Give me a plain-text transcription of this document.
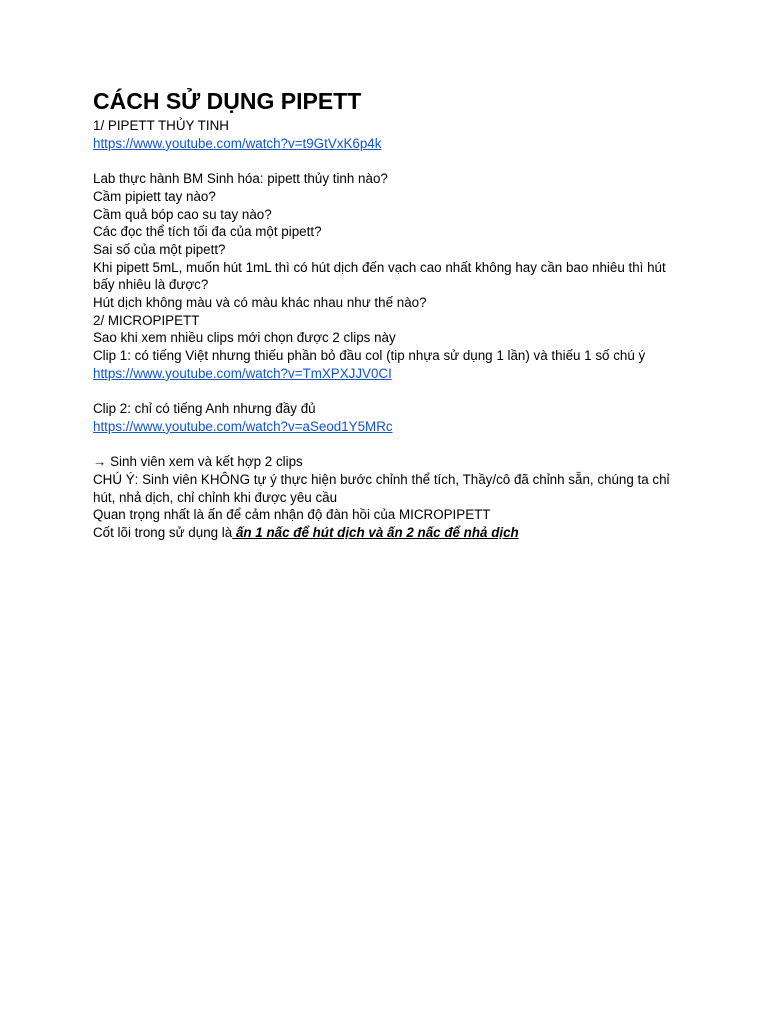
CÁCH SỬ DỤNG PIPETT
1/ PIPETT THỦY TINH
https://www.youtube.com/watch?v=t9GtVxK6p4k
Lab thực hành BM Sinh hóa: pipett thủy tinh nào?
Cầm pipiett tay nào?
Cầm quả bóp cao su tay nào?
Các đọc thể tích tối đa của một pipett?
Sai số của một pipett?
Khi pipett 5mL, muốn hút 1mL thì có hút dịch đến vạch cao nhất không hay cần bao nhiêu thì hút bấy nhiêu là được?
Hút dịch không màu và có màu khác nhau như thế nào?
2/ MICROPIPETT
Sao khi xem nhiều clips mới chọn được 2 clips này
Clip 1: có tiếng Việt nhưng thiếu phần bỏ đầu col (tip nhựa sử dụng 1 lần) và thiếu 1 số chú ý
https://www.youtube.com/watch?v=TmXPXJJV0CI
Clip 2: chỉ có tiếng Anh nhưng đầy đủ
https://www.youtube.com/watch?v=aSeod1Y5MRc
→ Sinh viên xem và kết hợp 2 clips
CHÚ Ý: Sinh viên KHÔNG tự ý thực hiện bước chỉnh thể tích, Thầy/cô đã chỉnh sẵn, chúng ta chỉ hút, nhả dịch, chỉ chỉnh khi được yêu cầu
Quan trọng nhất là ấn để cảm nhận độ đàn hồi của MICROPIPETT
Cốt lõi trong sử dụng là ấn 1 nấc để hút dịch và ấn 2 nấc để nhả dịch
